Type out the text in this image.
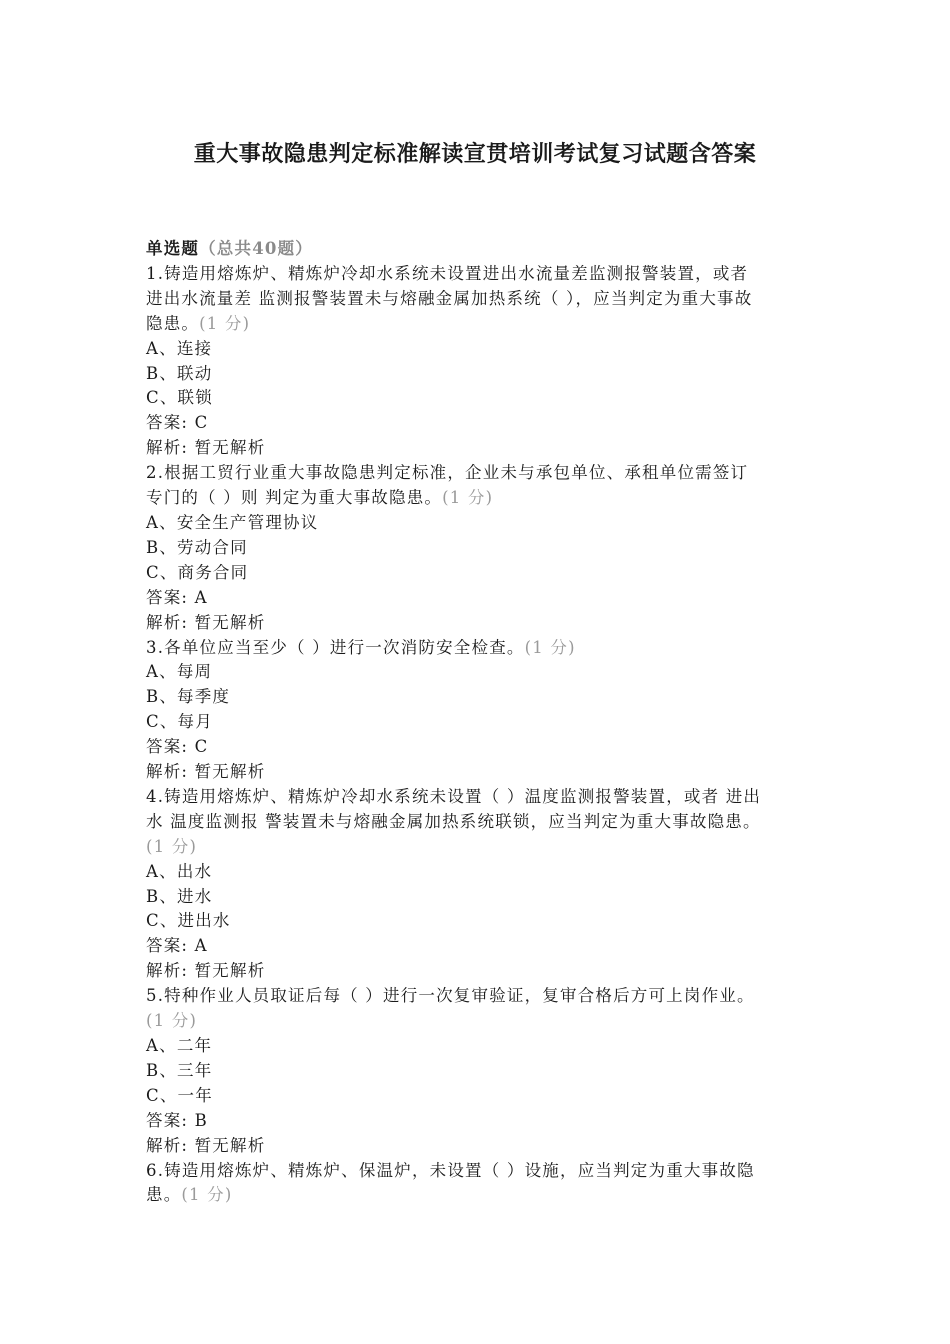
重大事故隐患判定标准解读宣贯培训考试复习试题含答案
单选题（总共40题）
1.铸造用熔炼炉、精炼炉冷却水系统未设置进出水流量差监测报警装置，或者
进出水流量差 监测报警装置未与熔融金属加热系统（ ），应当判定为重大事故
隐患。(1 分)
A、连接
B、联动
C、联锁
答案: C
解析: 暂无解析
2.根据工贸行业重大事故隐患判定标准，企业未与承包单位、承租单位需签订
专门的（ ）则 判定为重大事故隐患。(1 分)
A、安全生产管理协议
B、劳动合同
C、商务合同
答案: A
解析: 暂无解析
3.各单位应当至少（ ）进行一次消防安全检查。(1 分)
A、每周
B、每季度
C、每月
答案: C
解析: 暂无解析
4.铸造用熔炼炉、精炼炉冷却水系统未设置（ ）温度监测报警装置，或者 进出
水 温度监测报 警装置未与熔融金属加热系统联锁，应当判定为重大事故隐患。
(1 分)
A、出水
B、进水
C、进出水
答案: A
解析: 暂无解析
5.特种作业人员取证后每（ ）进行一次复审验证，复审合格后方可上岗作业。
(1 分)
A、二年
B、三年
C、一年
答案: B
解析: 暂无解析
6.铸造用熔炼炉、精炼炉、保温炉，未设置（ ）设施，应当判定为重大事故隐
患。(1 分)
